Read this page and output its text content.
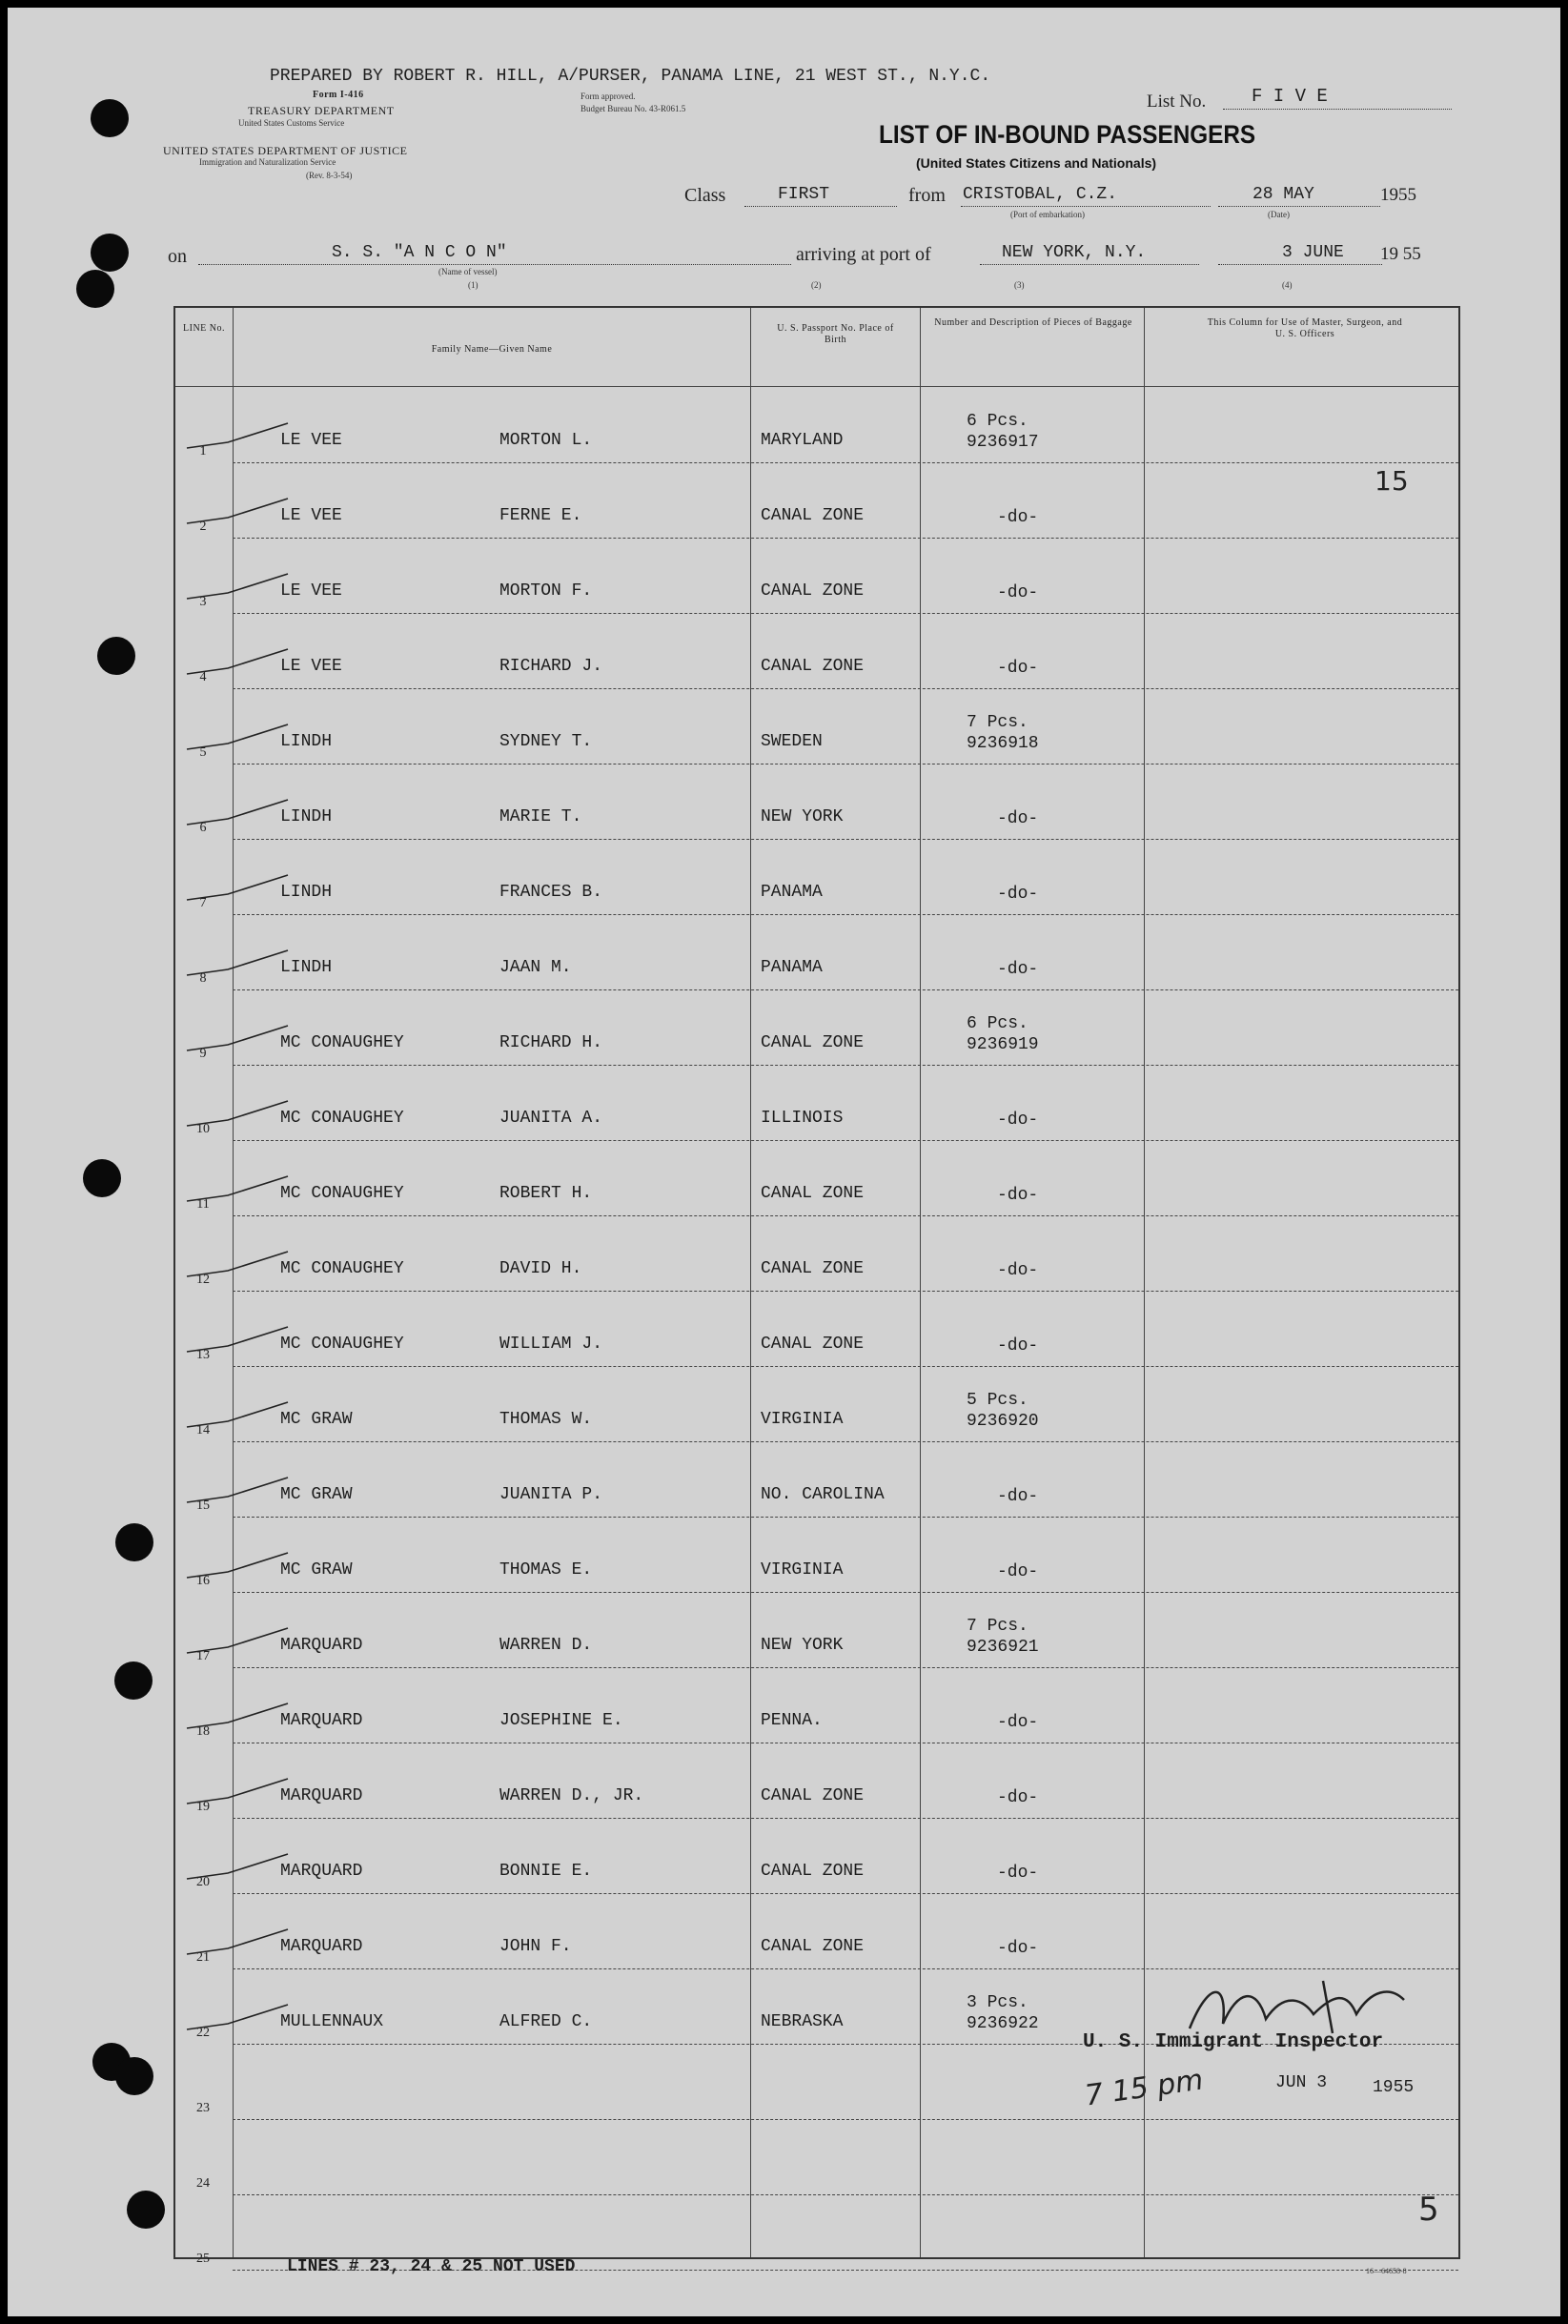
PREPARED BY ROBERT R. HILL, A/PURSER, PANAMA LINE, 21 WEST ST., N.Y.C.
Form I-416
TREASURY DEPARTMENT
United States Customs Service
Form approved.
Budget Bureau No. 43-R061.5	List No.	F I V E
UNITED STATES DEPARTMENT OF JUSTICE
Immigration and Naturalization Service
(Rev. 8-3-54)
LIST OF IN-BOUND PASSENGERS
(United States Citizens and Nationals)
Class	FIRST	from CRISTOBAL, C.Z.
(Port of embarkation)
28 MAY
(Date)
1955
on	S. S. "A N C O N"
(Name of vessel)
(1)
arriving at port of	NEW YORK, N.Y.	3 JUNE 19 55
(2)	(3)	(4)
LINE No.
Family Name—Given Name
U. S. Passport No. Place of Birth
Number and Description of Pieces of Baggage	This Column for Use of Master, Surgeon, and U. S. Officers
1
LE VEE	MORTON L.	MARYLAND
6 Pcs.
9236917
2
LE VEE	FERNE E.	CANAL ZONE	-do-
3
LE VEE	MORTON F.	CANAL ZONE	-do-
4
LE VEE	RICHARD J.	CANAL ZONE	-do-
5
LINDH	SYDNEY T.	SWEDEN
7 Pcs.
9236918
6
LINDH	MARIE T.	NEW YORK	-do-
7
LINDH	FRANCES B.	PANAMA	-do-
8
LINDH	JAAN M.	PANAMA	-do-
9
MC CONAUGHEY	RICHARD H.	CANAL ZONE
6 Pcs.
9236919
10
MC CONAUGHEY	JUANITA A.	ILLINOIS	-do-
11
MC CONAUGHEY	ROBERT H.	CANAL ZONE	-do-
12
MC CONAUGHEY	DAVID H.	CANAL ZONE	-do-
13
MC CONAUGHEY	WILLIAM J.	CANAL ZONE	-do-
14
MC GRAW	THOMAS W.	VIRGINIA
5 Pcs.
9236920
15
MC GRAW	JUANITA P.	NO. CAROLINA	-do-
16
MC GRAW	THOMAS E.	VIRGINIA	-do-
17
MARQUARD	WARREN D.	NEW YORK
7 Pcs.
9236921
18
MARQUARD	JOSEPHINE E.	PENNA.	-do-
19
MARQUARD	WARREN D., JR.	CANAL ZONE	-do-
20
MARQUARD	BONNIE E.	CANAL ZONE	-do-
21
MARQUARD	JOHN F.	CANAL ZONE	-do-
22
MULLENNAUX	ALFRED C.	NEBRASKA
3 Pcs.
9236922
23
24
25
15
U. S. Immigrant Inspector
JUN 3	1955
7 15 pm
5
LINES # 23, 24 & 25 NOT USED	16—64658-8
